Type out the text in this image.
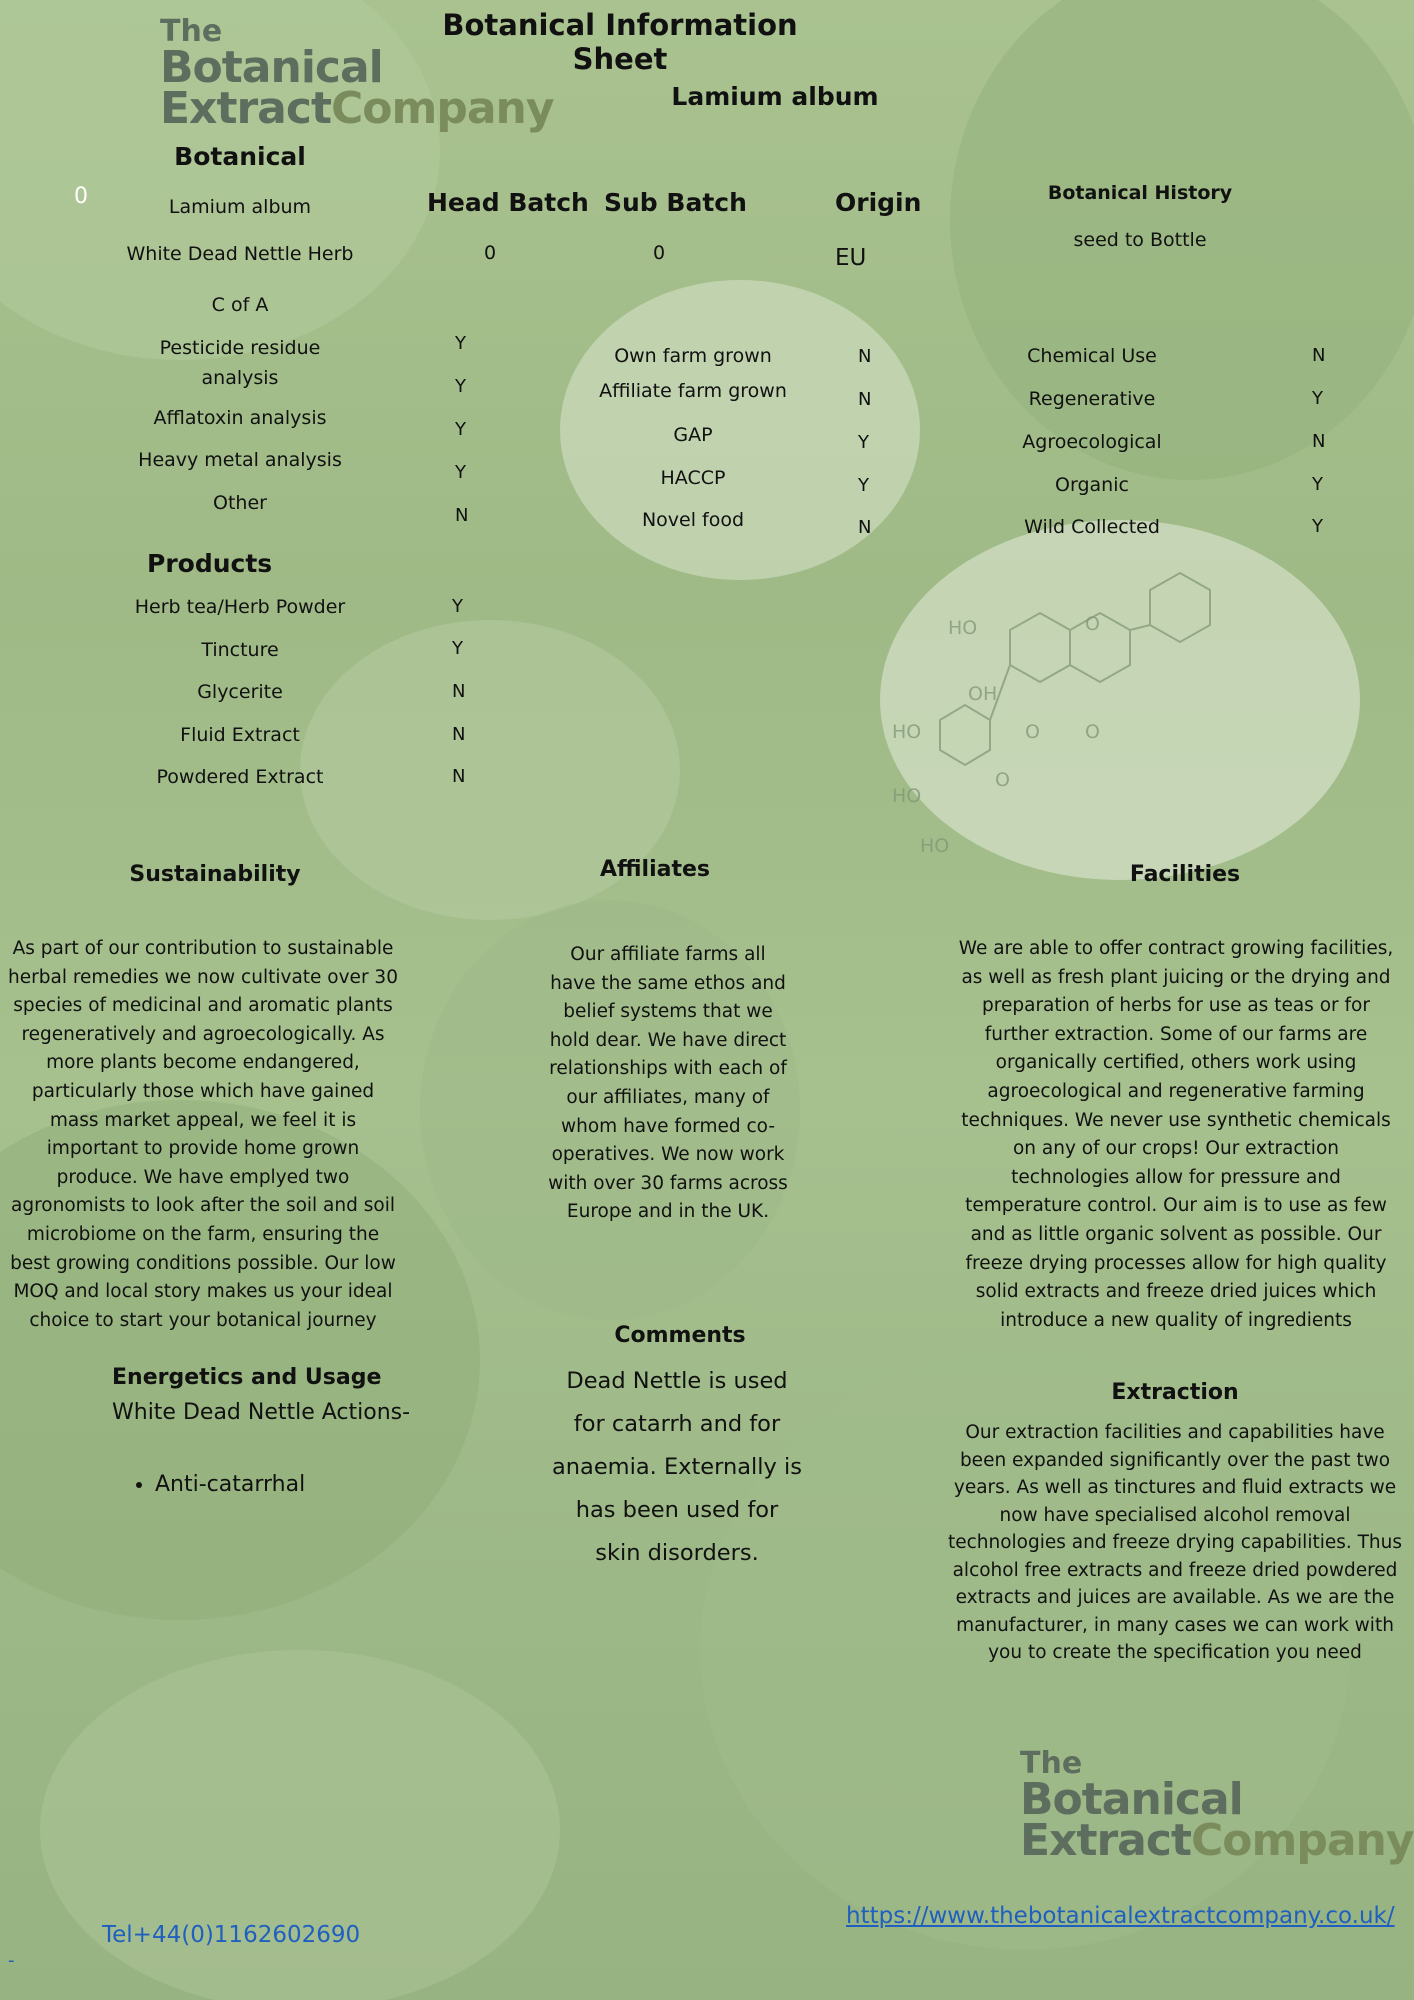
HO	O
OH
O O
HO
O
HO
HO
The
Botanical
ExtractCompany
Botanical Information Sheet
Lamium album
0
Botanical
Lamium album
White Dead Nettle Herb
C of A
Pesticide residue analysis
Afflatoxin analysis
Heavy metal analysis
Other
Y
Y
Y
Y
N
Head Batch
0
Sub Batch
0
Origin
EU
Botanical History
seed to Bottle
Own farm grown
Affiliate farm grown
GAP
HACCP
Novel food
N
N
Y
Y
N
Chemical Use
Regenerative
Agroecological
Organic
Wild Collected
N
Y
N
Y
Y
Products
Herb tea/Herb Powder
Tincture
Glycerite
Fluid Extract
Powdered Extract
Y
Y
N
N
N
Sustainability
As part of our contribution to sustainable herbal remedies we now cultivate over 30 species of medicinal and aromatic plants regeneratively and agroecologically. As more plants become endangered, particularly those which have gained mass market appeal, we feel it is important to provide home grown produce. We have emplyed two agronomists to look after the soil and soil microbiome on the farm, ensuring the best growing conditions possible. Our low MOQ and local story makes us your ideal choice to start your botanical journey
Affiliates
Our affiliate farms all have the same ethos and belief systems that we hold dear. We have direct relationships with each of our affiliates, many of whom have formed co-operatives. We now work with over 30 farms across Europe and in the UK.
Facilities
We are able to offer contract growing facilities, as well as fresh plant juicing or the drying and preparation of herbs for use as teas or for further extraction. Some of our farms are organically certified, others work using agroecological and regenerative farming techniques. We never use synthetic chemicals on any of our crops! Our extraction technologies allow for pressure and temperature control. Our aim is to use as few and as little organic solvent as possible. Our freeze drying processes allow for high quality solid extracts and freeze dried juices which introduce a new quality of ingredients
Energetics and Usage
White Dead Nettle Actions-
• Anti-catarrhal
Comments
Dead Nettle is used for catarrh and for anaemia. Externally is has been used for skin disorders.
Extraction
Our extraction facilities and capabilities have been expanded significantly over the past two years. As well as tinctures and fluid extracts we now have specialised alcohol removal technologies and freeze drying capabilities. Thus alcohol free extracts and freeze dried powdered extracts and juices are available. As we are the manufacturer, in many cases we can work with you to create the specification you need
The
Botanical
ExtractCompany
https://www.thebotanicalextractcompany.co.uk/
Tel+44(0)1162602690
-
